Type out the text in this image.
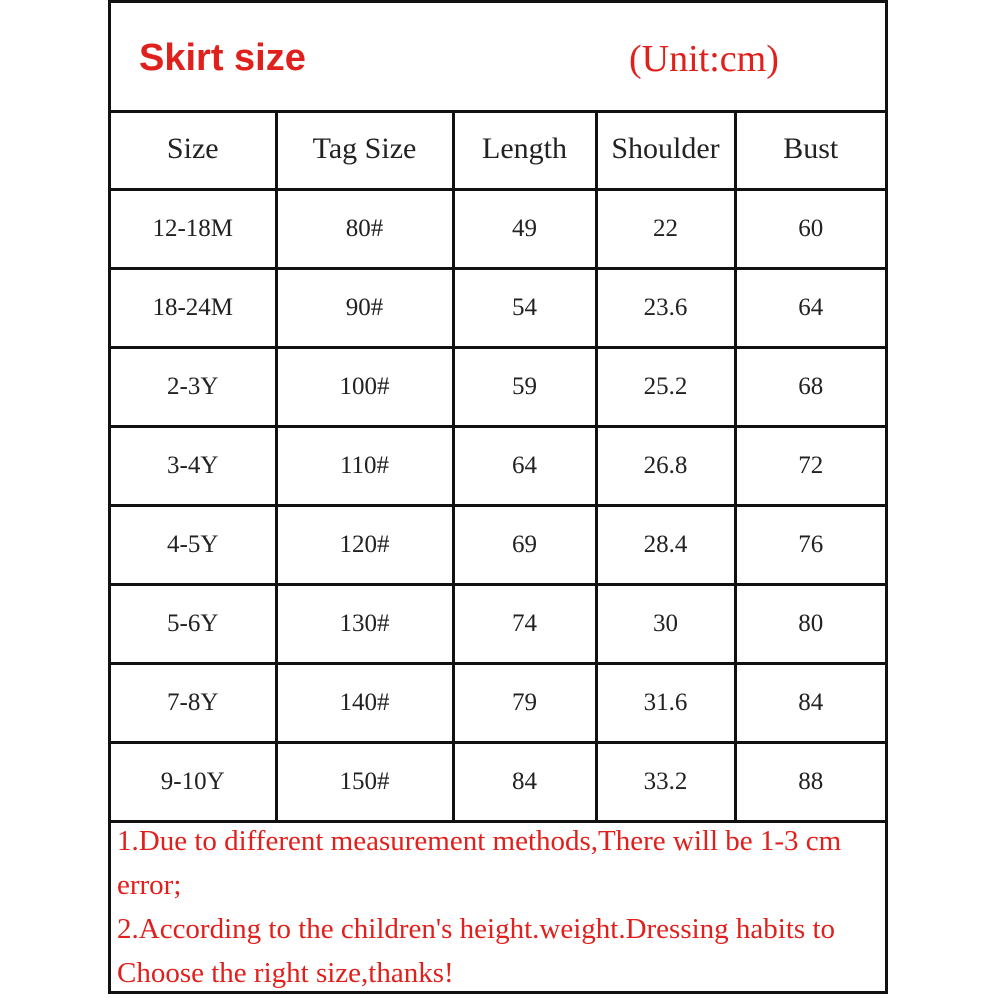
Skirt size	(Unit:cm)
Size	Tag Size	Length	Shoulder	Bust
12-18M	80#	49	22	60
18-24M	90#	54	23.6	64
2-3Y	100#	59	25.2	68
3-4Y	110#	64	26.8	72
4-5Y	120#	69	28.4	76
5-6Y	130#	74	30	80
7-8Y	140#	79	31.6	84
9-10Y	150#	84	33.2	88

1.Due to different measurement methods,There will be 1-3 cm error;

2.According to the children's height.weight.Dressing habits to Choose the right size,thanks!
